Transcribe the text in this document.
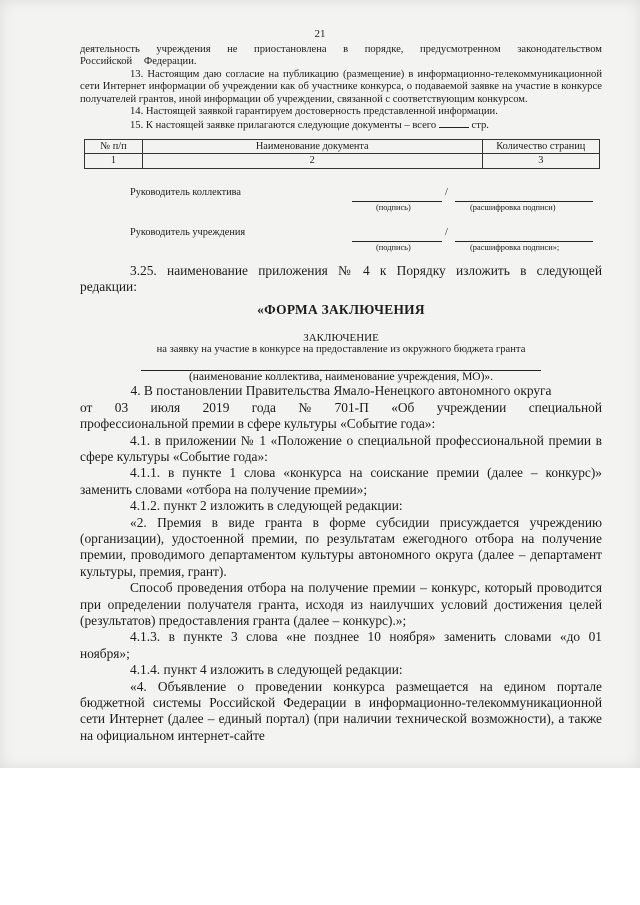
21

деятельность учреждения не приостановлена в порядке, предусмотренном законодательством Российской Федерации.

13. Настоящим даю согласие на публикацию (размещение) в информационно-телекоммуникационной сети Интернет информации об учреждении как об участнике конкурса, о подаваемой заявке на участие в конкурсе получателей грантов, иной информации об учреждении, связанной с соответствующим конкурсом.

14. Настоящей заявкой гарантируем достоверность представленной информации.

15. К настоящей заявке прилагаются следующие документы – всего	стр.

№ п/п	Наименование документа	Количество страниц
1	2	3
Руководитель коллектива	/
(подпись)	(расшифровка подписи)
Руководитель учреждения	/
(подпись)	(расшифровка подписи»;

3.25. наименование приложения № 4 к Порядку изложить в следующей редакции:

«ФОРМА ЗАКЛЮЧЕНИЯ

ЗАКЛЮЧЕНИЕ

на заявку на участие в конкурсе на предоставление из окружного бюджета гранта

(наименование коллектива, наименование учреждения, МО)».

4. В постановлении Правительства Ямало-Ненецкого автономного округа

от 03 июля 2019 года № 701-П «Об учреждении специальной

профессиональной премии в сфере культуры «Событие года»:

4.1. в приложении № 1 «Положение о специальной профессиональной премии в сфере культуры «Событие года»:

4.1.1. в пункте 1 слова «конкурса на соискание премии (далее – конкурс)» заменить словами «отбора на получение премии»;

4.1.2. пункт 2 изложить в следующей редакции:

«2. Премия в виде гранта в форме субсидии присуждается учреждению (организации), удостоенной премии, по результатам ежегодного отбора на получение премии, проводимого департаментом культуры автономного округа (далее – департамент культуры, премия, грант).

Способ проведения отбора на получение премии – конкурс, который проводится при определении получателя гранта, исходя из наилучших условий достижения целей (результатов) предоставления гранта (далее – конкурс).»;

4.1.3. в пункте 3 слова «не позднее 10 ноября» заменить словами «до 01 ноября»;

4.1.4. пункт 4 изложить в следующей редакции:

«4. Объявление о проведении конкурса размещается на едином портале бюджетной системы Российской Федерации в информационно-телекоммуникационной сети Интернет (далее – единый портал) (при наличии технической возможности), а также на официальном интернет-сайте
